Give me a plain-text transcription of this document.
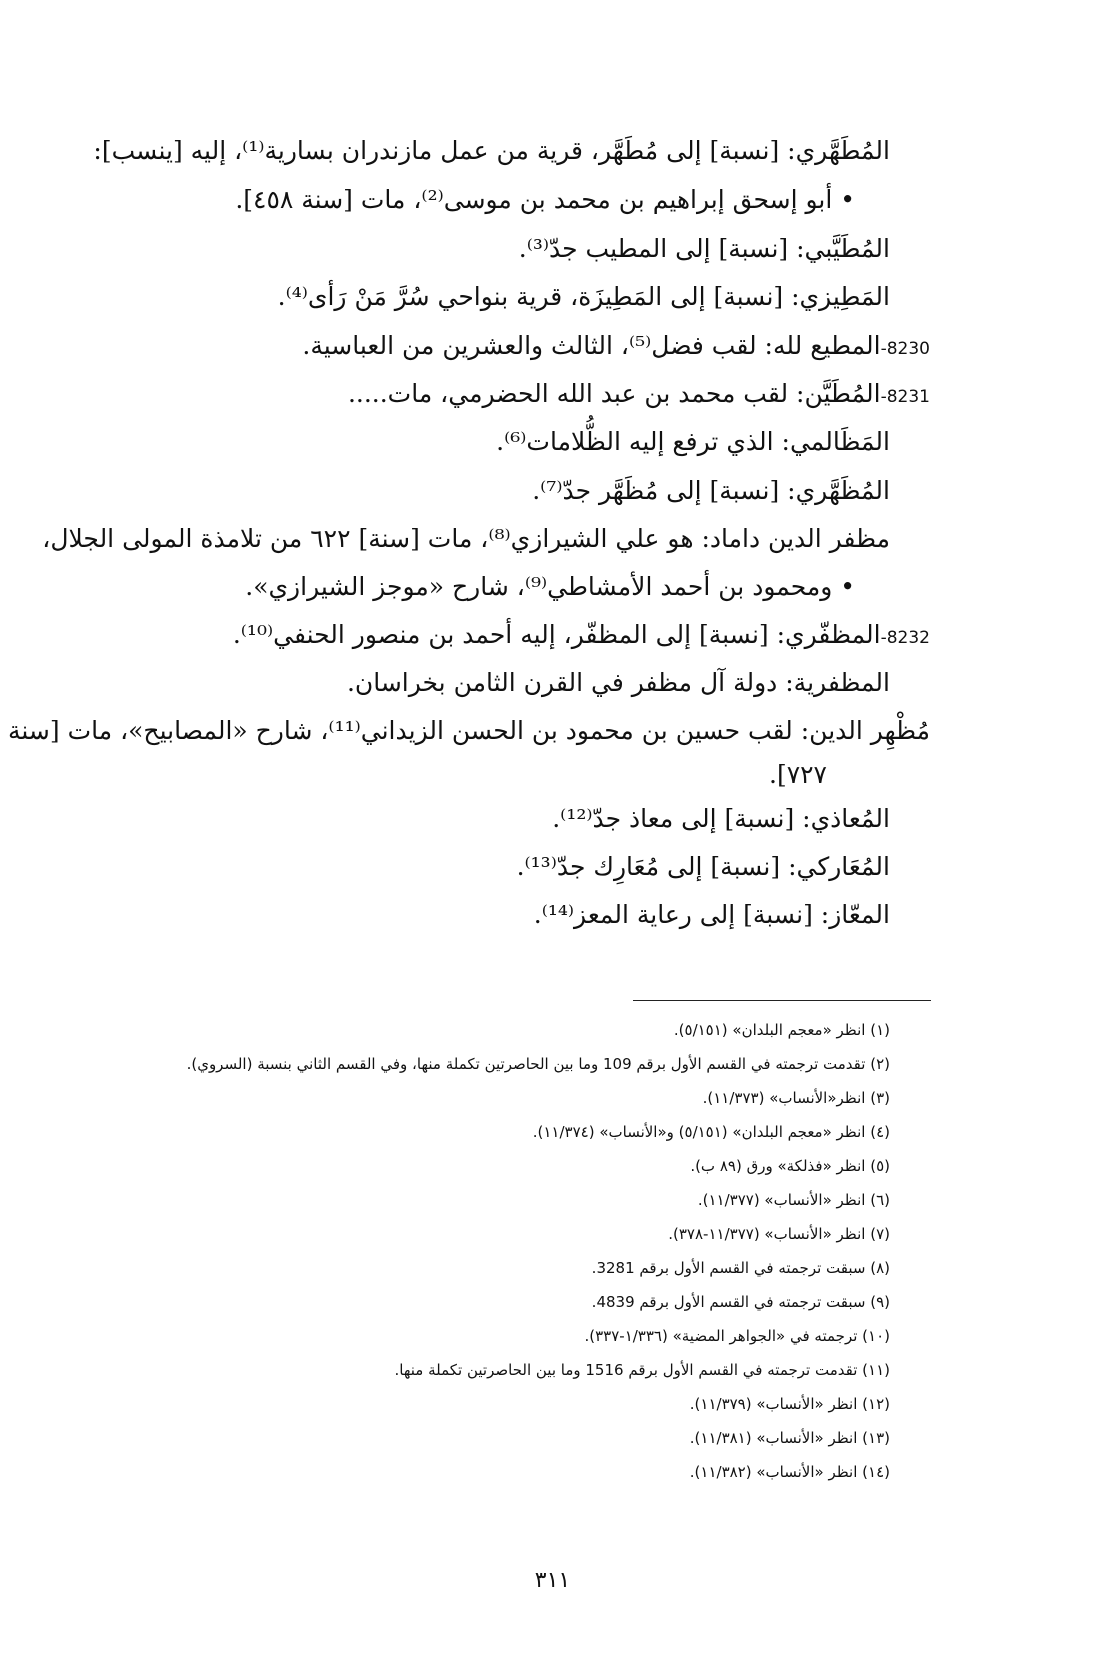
المُطَهَّري: [نسبة] إلى مُطَهَّر، قرية من عمل مازندران بسارية⁽¹⁾، إليه [ينسب]:
• أبو إسحق إبراهيم بن محمد بن موسى⁽²⁾، مات [سنة ٤٥٨].
المُطَيَّبي: [نسبة] إلى المطيب جدّ⁽³⁾.
المَطِيزي: [نسبة] إلى المَطِيزَة، قرية بنواحي سُرَّ مَنْ رَأى⁽⁴⁾.
8230-المطيع لله: لقب فضل⁽⁵⁾، الثالث والعشرين من العباسية.
8231-المُطَيَّن: لقب محمد بن عبد الله الحضرمي، مات.....
المَظَالمي: الذي ترفع إليه الظُّلامات⁽⁶⁾.
المُظَهَّري: [نسبة] إلى مُظَهَّر جدّ⁽⁷⁾.
مظفر الدين داماد: هو علي الشيرازي⁽⁸⁾، مات [سنة] ٦٢٢ من تلامذة المولى الجلال،
• ومحمود بن أحمد الأمشاطي⁽⁹⁾، شارح «موجز الشيرازي».
8232-المظفّري: [نسبة] إلى المظفّر، إليه أحمد بن منصور الحنفي⁽¹⁰⁾.
المظفرية: دولة آل مظفر في القرن الثامن بخراسان.
مُظْهِر الدين: لقب حسين بن محمود بن الحسن الزيداني⁽¹¹⁾، شارح «المصابيح»، مات [سنة
٧٢٧].
المُعاذي: [نسبة] إلى معاذ جدّ⁽¹²⁾.
المُعَاركي: [نسبة] إلى مُعَارِك جدّ⁽¹³⁾.
المعّاز: [نسبة] إلى رعاية المعز⁽¹⁴⁾.
(١) انظر «معجم البلدان» (٥/١٥١).
(٢) تقدمت ترجمته في القسم الأول برقم 109 وما بين الحاصرتين تكملة منها، وفي القسم الثاني بنسبة (السروي).
(٣) انظر«الأنساب» (١١/٣٧٣).
(٤) انظر «معجم البلدان» (٥/١٥١) و«الأنساب» (١١/٣٧٤).
(٥) انظر «فذلكة» ورق (٨٩ ب).
(٦) انظر «الأنساب» (١١/٣٧٧).
(٧) انظر «الأنساب» (١١/٣٧٧-٣٧٨).
(٨) سبقت ترجمته في القسم الأول برقم 3281.
(٩) سبقت ترجمته في القسم الأول برقم 4839.
(١٠) ترجمته في «الجواهر المضية» (١/٣٣٦-٣٣٧).
(١١) تقدمت ترجمته في القسم الأول برقم 1516 وما بين الحاصرتين تكملة منها.
(١٢) انظر «الأنساب» (١١/٣٧٩).
(١٣) انظر «الأنساب» (١١/٣٨١).
(١٤) انظر «الأنساب» (١١/٣٨٢).
٣١١
